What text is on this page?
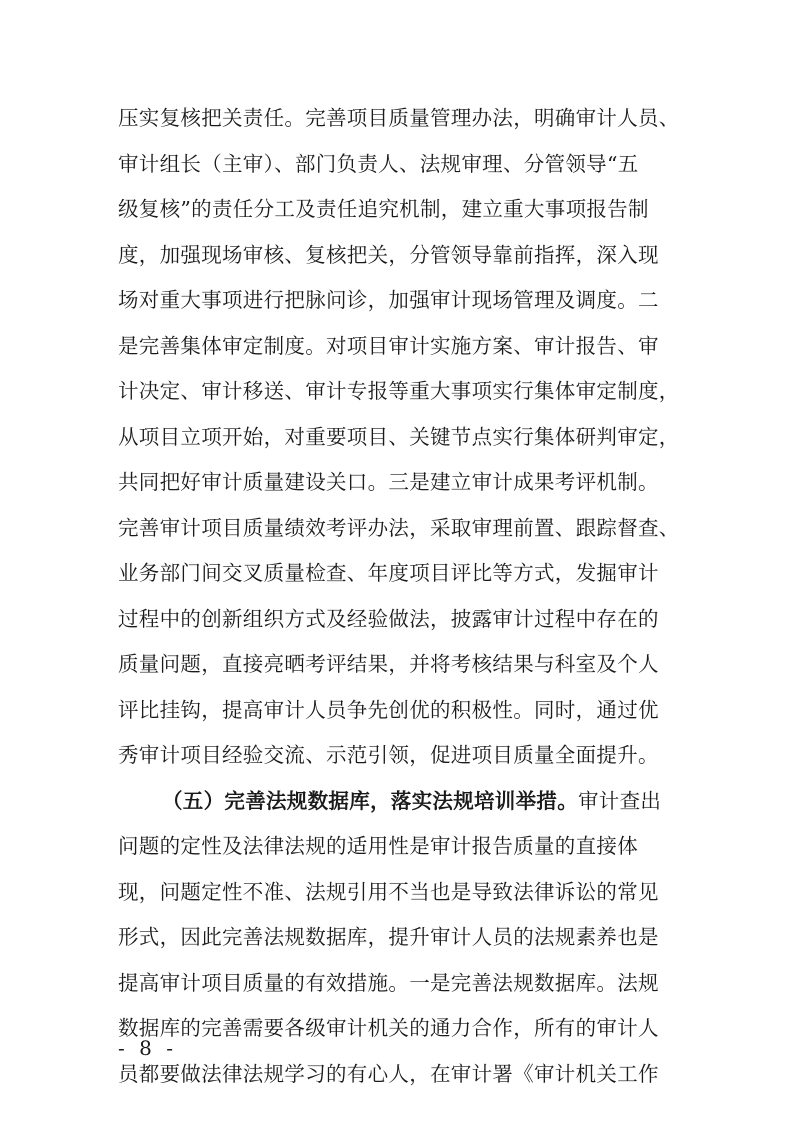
压实复核把关责任。完善项目质量管理办法，明确审计人员、
审计组长（主审）、部门负责人、法规审理、分管领导“五
级复核”的责任分工及责任追究机制，建立重大事项报告制
度，加强现场审核、复核把关，分管领导靠前指挥，深入现
场对重大事项进行把脉问诊，加强审计现场管理及调度。二
是完善集体审定制度。对项目审计实施方案、审计报告、审
计决定、审计移送、审计专报等重大事项实行集体审定制度，
从项目立项开始，对重要项目、关键节点实行集体研判审定，
共同把好审计质量建设关口。三是建立审计成果考评机制。
完善审计项目质量绩效考评办法，采取审理前置、跟踪督查、
业务部门间交叉质量检查、年度项目评比等方式，发掘审计
过程中的创新组织方式及经验做法，披露审计过程中存在的
质量问题，直接亮晒考评结果，并将考核结果与科室及个人
评比挂钩，提高审计人员争先创优的积极性。同时，通过优
秀审计项目经验交流、示范引领，促进项目质量全面提升。
（五）完善法规数据库，落实法规培训举措。审计查出
问题的定性及法律法规的适用性是审计报告质量的直接体
现，问题定性不准、法规引用不当也是导致法律诉讼的常见
形式，因此完善法规数据库，提升审计人员的法规素养也是
提高审计项目质量的有效措施。一是完善法规数据库。法规
数据库的完善需要各级审计机关的通力合作，所有的审计人
员都要做法律法规学习的有心人，在审计署《审计机关工作
- 8 -
